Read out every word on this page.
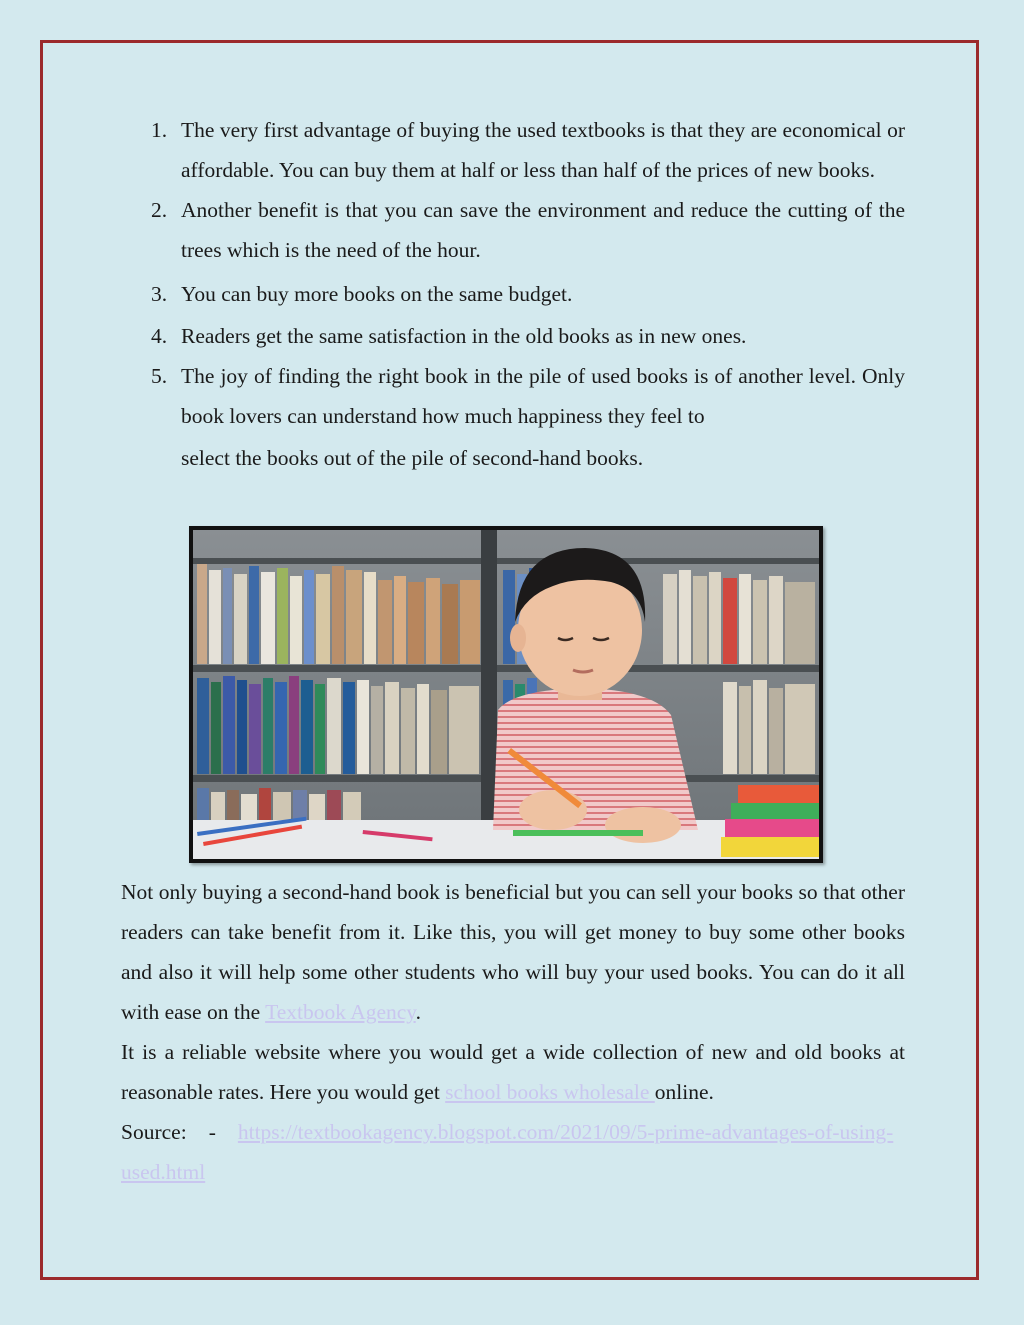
1. The very first advantage of buying the used textbooks is that they are economical or affordable. You can buy them at half or less than half of the prices of new books.
2. Another benefit is that you can save the environment and reduce the cutting of the trees which is the need of the hour.
3. You can buy more books on the same budget.
4. Readers get the same satisfaction in the old books as in new ones.
5. The joy of finding the right book in the pile of used books is of another level. Only book lovers can understand how much happiness they feel to
select the books out of the pile of second-hand books.
Not only buying a second-hand book is beneficial but you can sell your books so that other readers can take benefit from it. Like this, you will get money to buy some other books and also it will help some other students who will buy your used books. You can do it all with ease on the Textbook Agency.
It is a reliable website where you would get a wide collection of new and old books at reasonable rates. Here you would get school books wholesale online.
Source: - https://textbookagency.blogspot.com/2021/09/5-prime-advantages-of-using-used.html
